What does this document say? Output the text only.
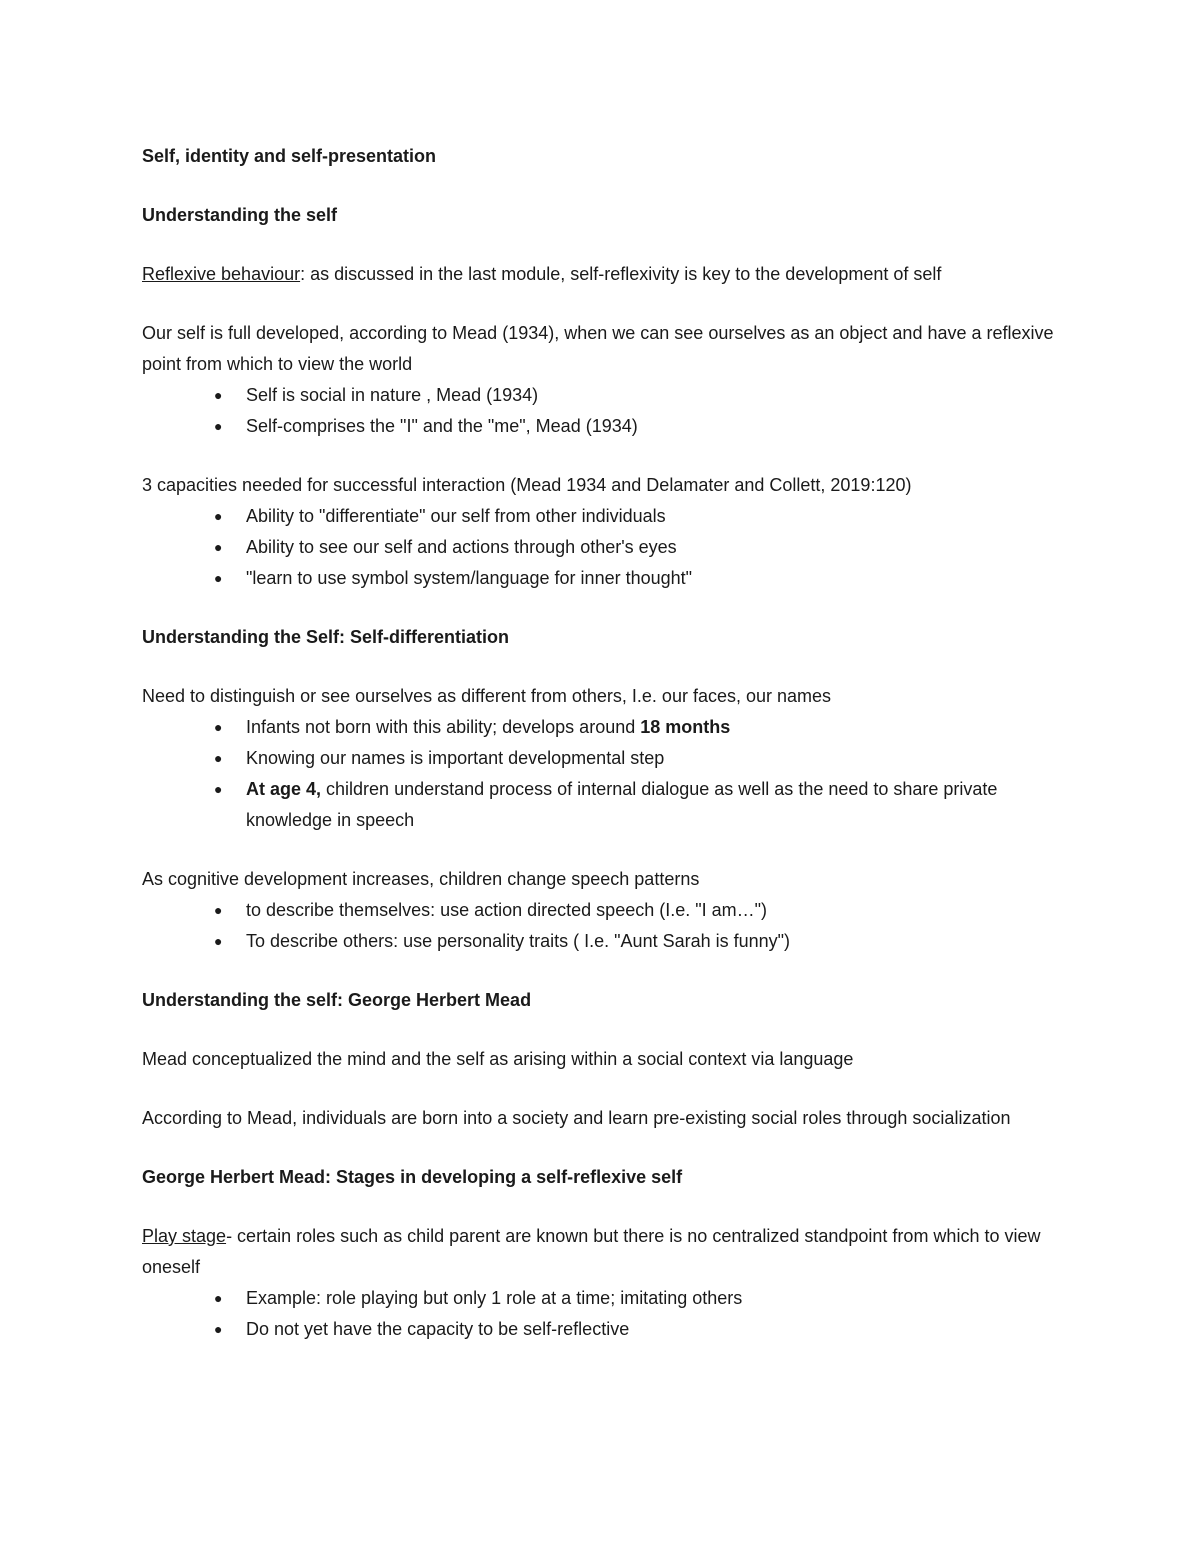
Self, identity and self-presentation

Understanding the self

Reflexive behaviour: as discussed in the last module, self-reflexivity is key to the development of self

Our self is full developed, according to Mead (1934), when we can see ourselves as an object and have a reflexive point from which to view the world

● Self is social in nature , Mead (1934)
● Self-comprises the "I" and the "me", Mead (1934)

3 capacities needed for successful interaction (Mead 1934 and Delamater and Collett, 2019:120)

● Ability to "differentiate" our self from other individuals
● Ability to see our self and actions through other's eyes
● "learn to use symbol system/language for inner thought"

Understanding the Self: Self-differentiation

Need to distinguish or see ourselves as different from others, I.e. our faces, our names

● Infants not born with this ability; develops around 18 months
● Knowing our names is important developmental step
● At age 4, children understand process of internal dialogue as well as the need to share private knowledge in speech

As cognitive development increases, children change speech patterns

● to describe themselves: use action directed speech (I.e. "I am…")
● To describe others: use personality traits ( I.e. "Aunt Sarah is funny")

Understanding the self: George Herbert Mead

Mead conceptualized the mind and the self as arising within a social context via language

According to Mead, individuals are born into a society and learn pre-existing social roles through socialization

George Herbert Mead: Stages in developing a self-reflexive self

Play stage- certain roles such as child parent are known but there is no centralized standpoint from which to view oneself

● Example: role playing but only 1 role at a time; imitating others
● Do not yet have the capacity to be self-reflective
